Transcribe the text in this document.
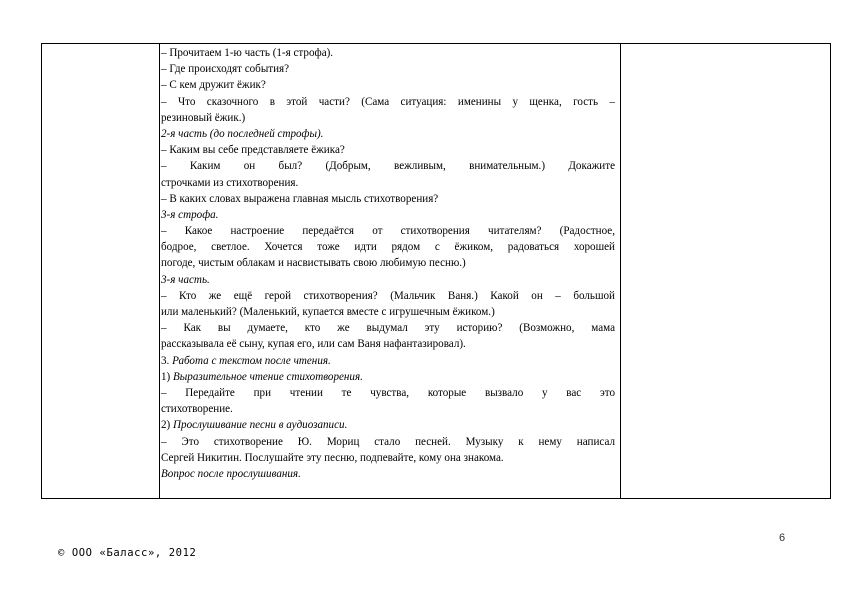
– Прочитаем 1-ю часть (1-я строфа).
– Где происходят события?
– С кем дружит ёжик?
– Что сказочного в этой части? (Сама ситуация: именины у щенка, гость –
резиновый ёжик.)
2-я часть (до последней строфы).
– Каким вы себе представляете ёжика?
– Каким он был? (Добрым, вежливым, внимательным.) Докажите
строчками из стихотворения.
– В каких словах выражена главная мысль стихотворения?
3-я строфа.
– Какое настроение передаётся от стихотворения читателям? (Радостное,
бодрое, светлое. Хочется тоже идти рядом с ёжиком, радоваться хорошей
погоде, чистым облакам и насвистывать свою любимую песню.)
3-я часть.
– Кто же ещё герой стихотворения? (Мальчик Ваня.) Какой он – большой
или маленький? (Маленький, купается вместе с игрушечным ёжиком.)
– Как вы думаете, кто же выдумал эту историю? (Возможно, мама
рассказывала её сыну, купая его, или сам Ваня нафантазировал).
3. Работа с текстом после чтения.
1) Выразительное чтение стихотворения.
– Передайте при чтении те чувства, которые вызвало у вас это
стихотворение.
2) Прослушивание песни в аудиозаписи.
– Это стихотворение Ю. Мориц стало песней. Музыку к нему написал
Сергей Никитин. Послушайте эту песню, подпевайте, кому она знакома.
Вопрос после прослушивания.
6
© ООО «Баласс», 2012
